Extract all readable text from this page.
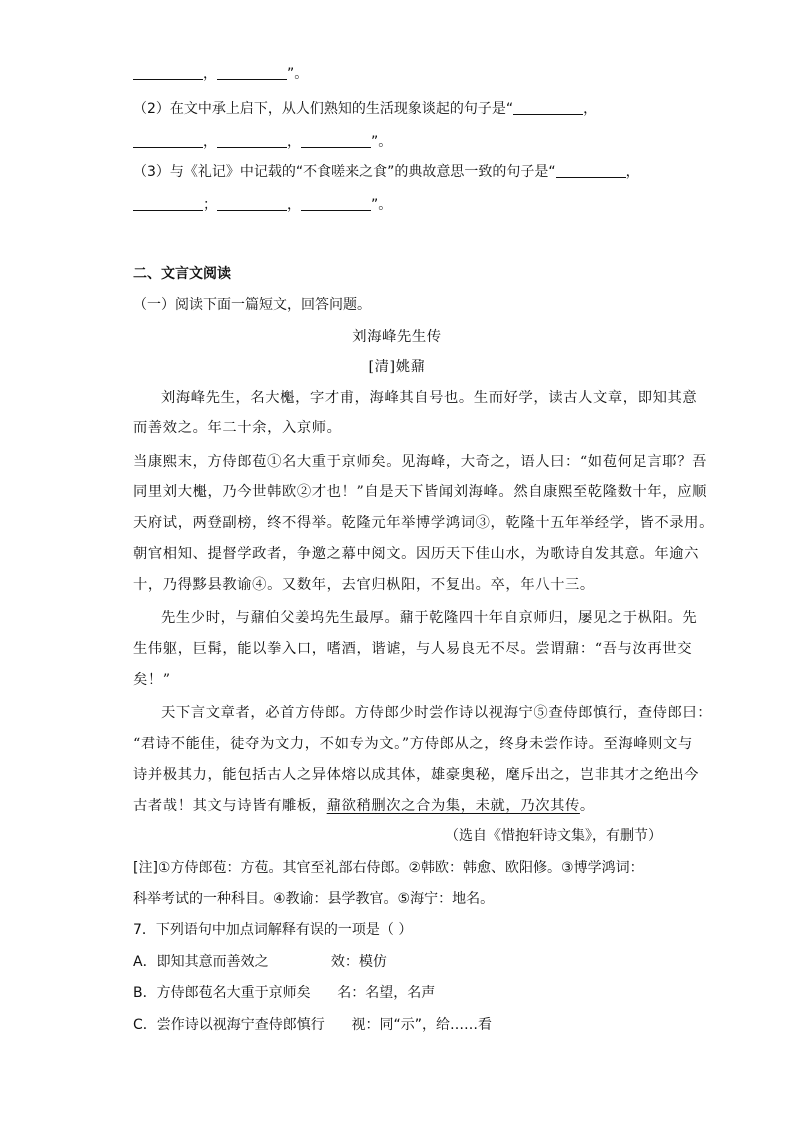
，	”。
（2）在文中承上启下，从人们熟知的生活现象谈起的句子是“	，
，	，	”。
（3）与《礼记》中记载的“不食嗟来之食”的典故意思一致的句子是“	，
；	，	”。
二、文言文阅读
（一）阅读下面一篇短文，回答问题。
刘海峰先生传
[清]姚鼐
刘海峰先生，名大櫆，字才甫，海峰其自号也。生而好学，读古人文章，即知其意
而善效之。年二十余，入京师。
当康熙末，方侍郎苞①名大重于京师矣。见海峰，大奇之，语人曰：“如苞何足言耶？吾
同里刘大櫆，乃今世韩欧②才也！”自是天下皆闻刘海峰。然自康熙至乾隆数十年，应顺
天府试，两登副榜，终不得举。乾隆元年举博学鸿词③，乾隆十五年举经学，皆不录用。
朝官相知、提督学政者，争邀之幕中阅文。因历天下佳山水，为歌诗自发其意。年逾六
十，乃得黟县教谕④。又数年，去官归枞阳，不复出。卒，年八十三。
先生少时，与鼐伯父姜坞先生最厚。鼐于乾隆四十年自京师归，屡见之于枞阳。先
生伟躯，巨髯，能以拳入口，嗜酒，谐谑，与人易良无不尽。尝谓鼐：“吾与汝再世交
矣！”
天下言文章者，必首方侍郎。方侍郎少时尝作诗以视海宁⑤查侍郎慎行，查侍郎曰：
“君诗不能佳，徒夺为文力，不如专为文。”方侍郎从之，终身未尝作诗。至海峰则文与
诗并极其力，能包括古人之异体熔以成其体，雄豪奥秘，麾斥出之，岂非其才之绝出今
古者哉！其文与诗皆有雕板，鼐欲稍删次之合为集，未就，乃次其传。
（选自《惜抱轩诗文集》，有删节）
[注]①方侍郎苞：方苞。其官至礼部右侍郎。②韩欧：韩愈、欧阳修。③博学鸿词：
科举考试的一种科目。④教谕：县学教官。⑤海宁：地名。
7．下列语句中加点词解释有误的一项是（ ）
A．即知其意而善效之              效：模仿
B．方侍郎苞名大重于京师矣      名：名望，名声
C．尝作诗以视海宁查侍郎慎行      视：同“示”，给……看
